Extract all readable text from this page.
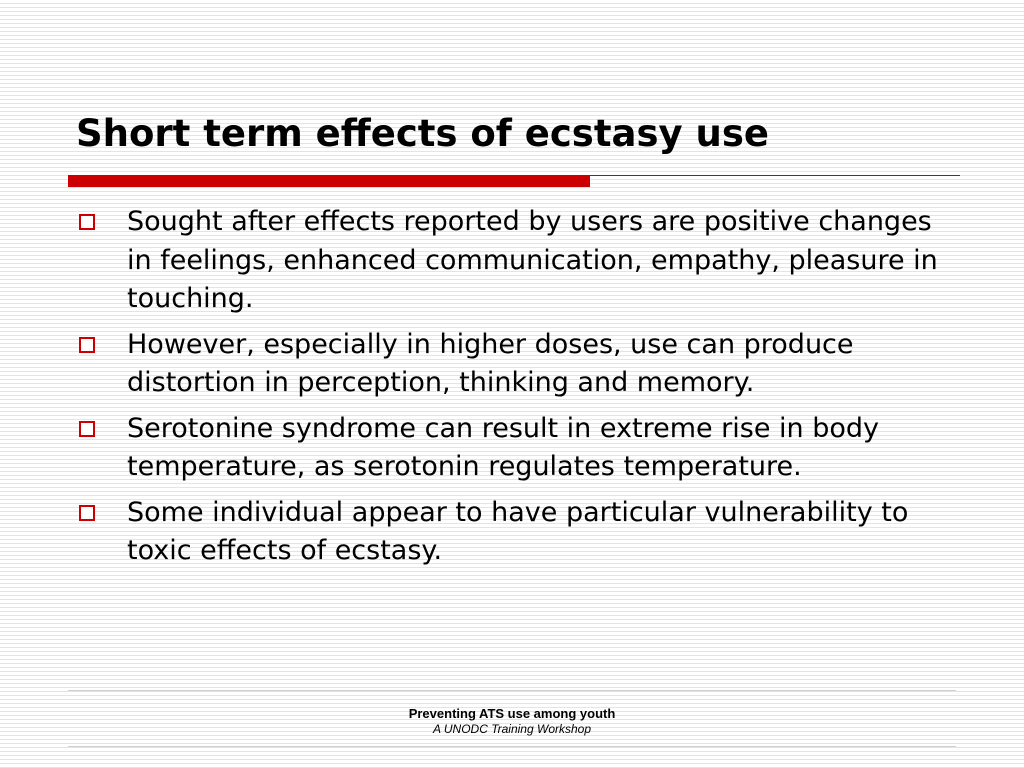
Short term effects of ecstasy use
Sought after effects reported by users are positive changes in feelings, enhanced communication, empathy, pleasure in touching.
However, especially in higher doses, use can produce distortion in perception, thinking and memory.
Serotonine syndrome can result in extreme rise in body temperature, as serotonin regulates temperature.
Some individual appear to have particular vulnerability to toxic effects of ecstasy.
Preventing ATS use among youth
A UNODC Training Workshop
